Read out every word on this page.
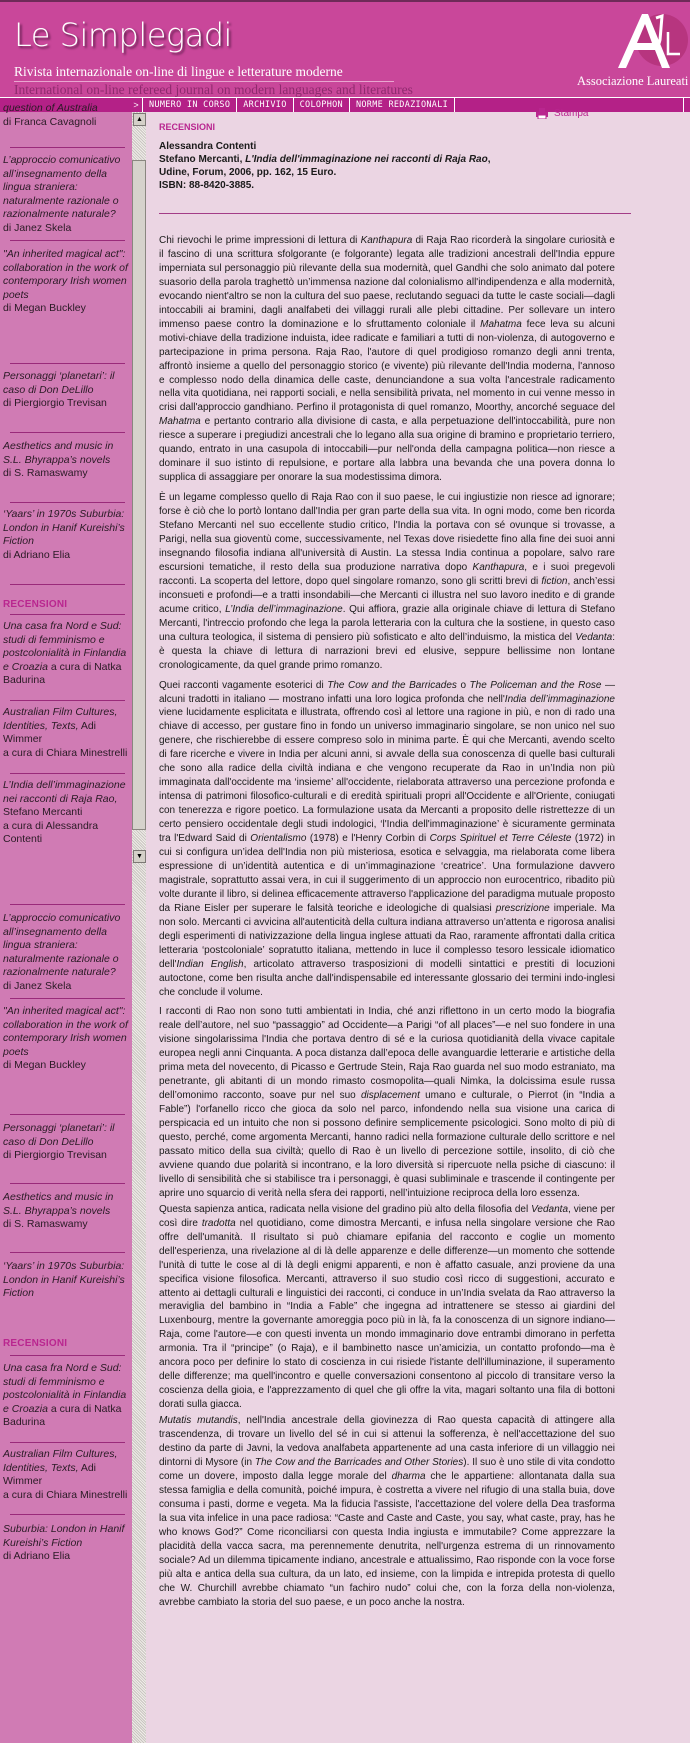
Le Simplegadi
Rivista internazionale on-line di lingue e letterature moderne
International on-line refereed journal on modern languages and literatures
Associazione Laureati
>	NUMERO IN CORSO	ARCHIVIO	COLOPHON	NORME REDAZIONALI
question of Australia
di Franca Cavagnoli
L’approccio comunicativo all’insegnamento della lingua straniera: naturalmente razionale o razionalmente naturale?
di Janez Skela
"An inherited magical act": collaboration in the work of contemporary Irish women poets
di Megan Buckley
Personaggi ‘planetari’: il caso di Don DeLillo
di Piergiorgio Trevisan
Aesthetics and music in S.L. Bhyrappa’s novels
di S. Ramaswamy
‘Yaars’ in 1970s Suburbia: London in Hanif Kureishi’s Fiction
di Adriano Elia
RECENSIONI
Una casa fra Nord e Sud: studi di femminismo e postcolonialità in Finlandia e Croazia a cura di Natka Badurina
Australian Film Cultures, Identities, Texts, Adi Wimmer
a cura di Chiara Minestrelli
L’India dell’immaginazione nei racconti di Raja Rao,
Stefano Mercanti
a cura di Alessandra Contenti
L’approccio comunicativo all’insegnamento della lingua straniera: naturalmente razionale o razionalmente naturale?
di Janez Skela
"An inherited magical act": collaboration in the work of contemporary Irish women poets
di Megan Buckley
Personaggi ‘planetari’: il caso di Don DeLillo
di Piergiorgio Trevisan
Aesthetics and music in S.L. Bhyrappa’s novels
di S. Ramaswamy
‘Yaars’ in 1970s Suburbia: London in Hanif Kureishi’s Fiction
RECENSIONI
Una casa fra Nord e Sud: studi di femminismo e postcolonialità in Finlandia e Croazia a cura di Natka Badurina
Australian Film Cultures, Identities, Texts, Adi Wimmer
a cura di Chiara Minestrelli
Suburbia: London in Hanif Kureishi’s Fiction
di Adriano Elia
▲
▼
Stampa
RECENSIONI
Alessandra Contenti
Stefano Mercanti, L'India dell'immaginazione nei racconti di Raja Rao,
Udine, Forum, 2006, pp. 162, 15 Euro.
ISBN: 88-8420-3885.

Chi rievochi le prime impressioni di lettura di Kanthapura di Raja Rao ricorderà la singolare curiosità e il fascino di una scrittura sfolgorante (e folgorante) legata alle tradizioni ancestrali dell'India eppure imperniata sul personaggio più rilevante della sua modernità, quel Gandhi che solo animato dal potere suasorio della parola traghettò un’immensa nazione dal colonialismo all'indipendenza e alla modernità, evocando nient'altro se non la cultura del suo paese, reclutando seguaci da tutte le caste sociali—dagli intoccabili ai bramini, dagli analfabeti dei villaggi rurali alle plebi cittadine. Per sollevare un intero immenso paese contro la dominazione e lo sfruttamento coloniale il Mahatma fece leva su alcuni motivi-chiave della tradizione induista, idee radicate e familiari a tutti di non-violenza, di autogoverno e partecipazione in prima persona. Raja Rao, l'autore di quel prodigioso romanzo degli anni trenta, affrontò insieme a quello del personaggio storico (e vivente) più rilevante dell'India moderna, l'annoso e complesso nodo della dinamica delle caste, denunciandone a sua volta l'ancestrale radicamento nella vita quotidiana, nei rapporti sociali, e nella sensibilità privata, nel momento in cui venne messo in crisi dall'approccio gandhiano. Perfino il protagonista di quel romanzo, Moorthy, ancorché seguace del Mahatma e pertanto contrario alla divisione di casta, e alla perpetuazione dell'intoccabilità, pure non riesce a superare i pregiudizi ancestrali che lo legano alla sua origine di bramino e proprietario terriero, quando, entrato in una casupola di intoccabili—pur nell'onda della campagna politica—non riesce a dominare il suo istinto di repulsione, e portare alla labbra una bevanda che una povera donna lo supplica di assaggiare per onorare la sua modestissima dimora.

È un legame complesso quello di Raja Rao con il suo paese, le cui ingiustizie non riesce ad ignorare; forse è ciò che lo portò lontano dall'India per gran parte della sua vita. In ogni modo, come ben ricorda Stefano Mercanti nel suo eccellente studio critico, l'India la portava con sé ovunque si trovasse, a Parigi, nella sua gioventù come, successivamente, nel Texas dove risiedette fino alla fine dei suoi anni insegnando filosofia indiana all'università di Austin. La stessa India continua a popolare, salvo rare escursioni tematiche, il resto della sua produzione narrativa dopo Kanthapura, e i suoi pregevoli racconti. La scoperta del lettore, dopo quel singolare romanzo, sono gli scritti brevi di fiction, anch’essi inconsueti e profondi—e a tratti insondabili—che Mercanti ci illustra nel suo lavoro inedito e di grande acume critico, L’India dell’immaginazione. Qui affiora, grazie alla originale chiave di lettura di Stefano Mercanti, l'intreccio profondo che lega la parola letteraria con la cultura che la sostiene, in questo caso una cultura teologica, il sistema di pensiero più sofisticato e alto dell’induismo, la mistica del Vedanta: è questa la chiave di lettura di narrazioni brevi ed elusive, seppure bellissime non lontane cronologicamente, da quel grande primo romanzo.

Quei racconti vagamente esoterici di The Cow and the Barricades o The Policeman and the Rose — alcuni tradotti in italiano — mostrano infatti una loro logica profonda che nell'India dell’immaginazione viene lucidamente esplicitata e illustrata, offrendo così al lettore una ragione in più, e non di rado una chiave di accesso, per gustare fino in fondo un universo immaginario singolare, se non unico nel suo genere, che rischierebbe di essere compreso solo in minima parte. È qui che Mercanti, avendo scelto di fare ricerche e vivere in India per alcuni anni, si avvale della sua conoscenza di quelle basi culturali che sono alla radice della civiltà indiana e che vengono recuperate da Rao in un’India non più immaginata dall'occidente ma ‘insieme’ all'occidente, rielaborata attraverso una percezione profonda e intensa di patrimoni filosofico-culturali e di eredità spirituali propri all'Occidente e all'Oriente, coniugati con tenerezza e rigore poetico. La formulazione usata da Mercanti a proposito delle ristrettezze di un certo pensiero occidentale degli studi indologici, ‘l'India dell'immaginazione’ è sicuramente germinata tra l'Edward Said di Orientalismo (1978) e l'Henry Corbin di Corps Spirituel et Terre Céleste (1972) in cui si configura un’idea dell'India non più misteriosa, esotica e selvaggia, ma rielaborata come libera espressione di un’identità autentica e di un’immaginazione ‘creatrice’. Una formulazione davvero magistrale, soprattutto assai vera, in cui il suggerimento di un approccio non eurocentrico, ribadito più volte durante il libro, si delinea efficacemente attraverso l'applicazione del paradigma mutuale proposto da Riane Eisler per superare le falsità teoriche e ideologiche di qualsiasi prescrizione imperiale. Ma non solo. Mercanti ci avvicina all'autenticità della cultura indiana attraverso un’attenta e rigorosa analisi degli esperimenti di nativizzazione della lingua inglese attuati da Rao, raramente affrontati dalla critica letteraria ‘postcoloniale’ sopratutto italiana, mettendo in luce il complesso tesoro lessicale idiomatico dell'Indian English, articolato attraverso trasposizioni di modelli sintattici e prestiti di locuzioni autoctone, come ben risulta anche dall'indispensabile ed interessante glossario dei termini indo-inglesi che conclude il volume.

I racconti di Rao non sono tutti ambientati in India, ché anzi riflettono in un certo modo la biografia reale dell’autore, nel suo “passaggio” ad Occidente—a Parigi “of all places”—e nel suo fondere in una visione singolarissima l'India che portava dentro di sé e la curiosa quotidianità della vivace capitale europea negli anni Cinquanta. A poca distanza dall’epoca delle avanguardie letterarie e artistiche della prima meta del novecento, di Picasso e Gertrude Stein, Raja Rao guarda nel suo modo estraniato, ma penetrante, gli abitanti di un mondo rimasto cosmopolita—quali Nimka, la dolcissima esule russa dell’omonimo racconto, soave pur nel suo displacement umano e culturale, o Pierrot (in “India a Fable”) l'orfanello ricco che gioca da solo nel parco, infondendo nella sua visione una carica di perspicacia ed un intuito che non si possono definire semplicemente psicologici. Sono molto di più di questo, perché, come argomenta Mercanti, hanno radici nella formazione culturale dello scrittore e nel passato mitico della sua civiltà; quello di Rao è un livello di percezione sottile, insolito, di ciò che avviene quando due polarità si incontrano, e la loro diversità si ripercuote nella psiche di ciascuno: il livello di sensibilità che si stabilisce tra i personaggi, è quasi subliminale e trascende il contingente per aprire uno squarcio di verità nella sfera dei rapporti, nell’intuizione reciproca della loro essenza.

Questa sapienza antica, radicata nella visione del gradino più alto della filosofia del Vedanta, viene per così dire tradotta nel quotidiano, come dimostra Mercanti, e infusa nella singolare versione che Rao offre dell'umanità. Il risultato si può chiamare epifania del racconto e coglie un momento dell'esperienza, una rivelazione al di là delle apparenze e delle differenze—un momento che sottende l'unità di tutte le cose al di là degli enigmi apparenti, e non è affatto casuale, anzi proviene da una specifica visione filosofica. Mercanti, attraverso il suo studio così ricco di suggestioni, accurato e attento ai dettagli culturali e linguistici dei racconti, ci conduce in un’India svelata da Rao attraverso la meraviglia del bambino in “India a Fable” che ingegna ad intrattenere se stesso ai giardini del Luxenbourg, mentre la governante amoreggia poco più in là, fa la conoscenza di un signore indiano—Raja, come l'autore—e con questi inventa un mondo immaginario dove entrambi dimorano in perfetta armonia. Tra il “principe” (o Raja), e il bambinetto nasce un’amicizia, un contatto profondo—ma è ancora poco per definire lo stato di coscienza in cui risiede l'istante dell'illuminazione, il superamento delle differenze; ma quell'incontro e quelle conversazioni consentono al piccolo di transitare verso la coscienza della gioia, e l'apprezzamento di quel che gli offre la vita, magari soltanto una fila di bottoni dorati sulla giacca.

Mutatis mutandis, nell'India ancestrale della giovinezza di Rao questa capacità di attingere alla trascendenza, di trovare un livello del sé in cui si attenui la sofferenza, è nell'accettazione del suo destino da parte di Javni, la vedova analfabeta appartenente ad una casta inferiore di un villaggio nei dintorni di Mysore (in The Cow and the Barricades and Other Stories). Il suo è uno stile di vita condotto come un dovere, imposto dalla legge morale del dharma che le appartiene: allontanata dalla sua stessa famiglia e della comunità, poiché impura, è costretta a vivere nel rifugio di una stalla buia, dove consuma i pasti, dorme e vegeta. Ma la fiducia l'assiste, l'accettazione del volere della Dea trasforma la sua vita infelice in una pace radiosa: “Caste and Caste and Caste, you say, what caste, pray, has he who knows God?” Come riconciliarsi con questa India ingiusta e immutabile? Come apprezzare la placidità della vacca sacra, ma perennemente denutrita, nell'urgenza estrema di un rinnovamento sociale? Ad un dilemma tipicamente indiano, ancestrale e attualissimo, Rao risponde con la voce forse più alta e antica della sua cultura, da un lato, ed insieme, con la limpida e intrepida protesta di quello che W. Churchill avrebbe chiamato “un fachiro nudo” colui che, con la forza della non-violenza, avrebbe cambiato la storia del suo paese, e un poco anche la nostra.
